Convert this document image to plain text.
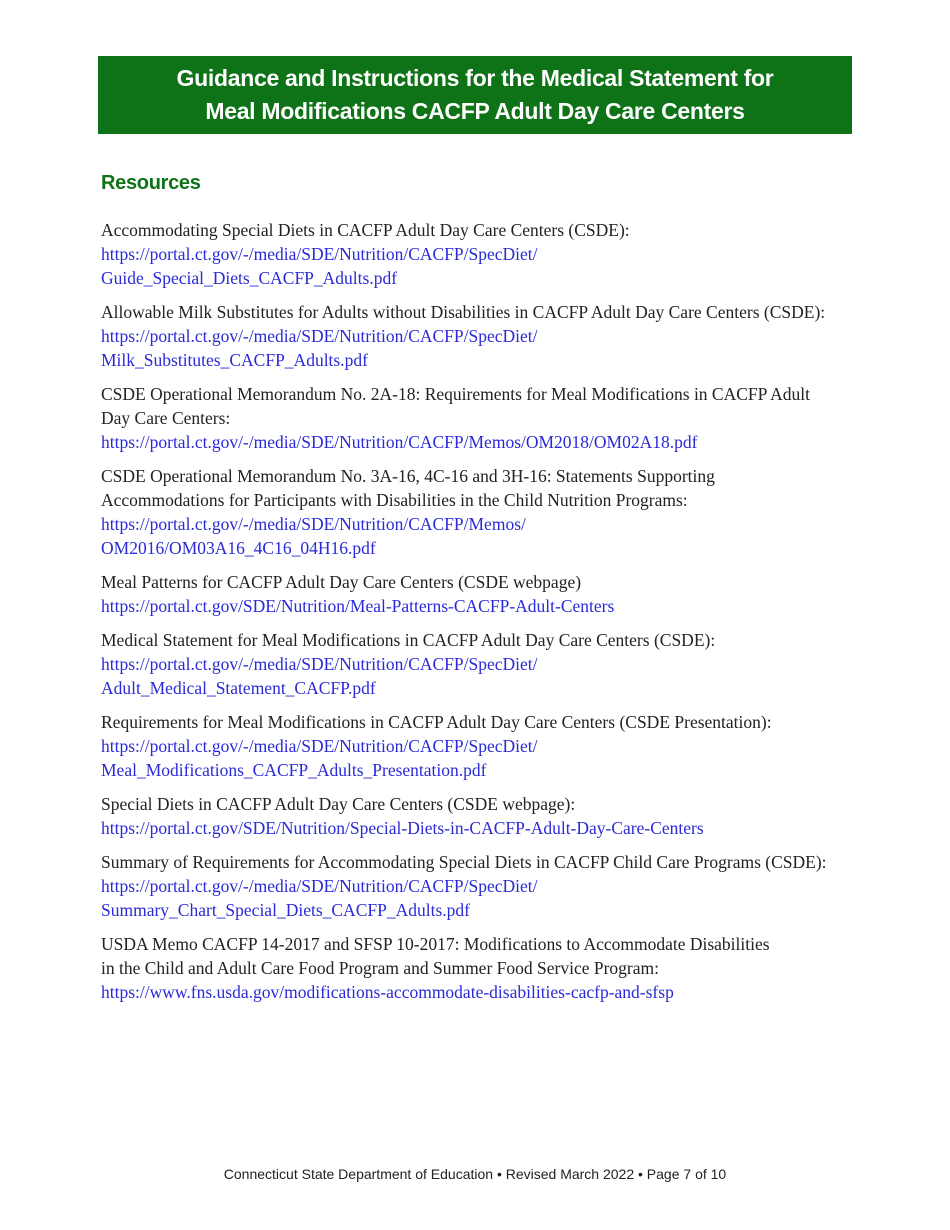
Guidance and Instructions for the Medical Statement for
Meal Modifications CACFP Adult Day Care Centers
Resources
Accommodating Special Diets in CACFP Adult Day Care Centers (CSDE):
https://portal.ct.gov/-/media/SDE/Nutrition/CACFP/SpecDiet/
Guide_Special_Diets_CACFP_Adults.pdf
Allowable Milk Substitutes for Adults without Disabilities in CACFP Adult Day Care Centers (CSDE):
https://portal.ct.gov/-/media/SDE/Nutrition/CACFP/SpecDiet/
Milk_Substitutes_CACFP_Adults.pdf
CSDE Operational Memorandum No. 2A-18: Requirements for Meal Modifications in CACFP Adult
Day Care Centers:
https://portal.ct.gov/-/media/SDE/Nutrition/CACFP/Memos/OM2018/OM02A18.pdf
CSDE Operational Memorandum No. 3A-16, 4C-16 and 3H-16: Statements Supporting
Accommodations for Participants with Disabilities in the Child Nutrition Programs:
https://portal.ct.gov/-/media/SDE/Nutrition/CACFP/Memos/
OM2016/OM03A16_4C16_04H16.pdf
Meal Patterns for CACFP Adult Day Care Centers (CSDE webpage)
https://portal.ct.gov/SDE/Nutrition/Meal-Patterns-CACFP-Adult-Centers
Medical Statement for Meal Modifications in CACFP Adult Day Care Centers (CSDE):
https://portal.ct.gov/-/media/SDE/Nutrition/CACFP/SpecDiet/
Adult_Medical_Statement_CACFP.pdf
Requirements for Meal Modifications in CACFP Adult Day Care Centers (CSDE Presentation):
https://portal.ct.gov/-/media/SDE/Nutrition/CACFP/SpecDiet/
Meal_Modifications_CACFP_Adults_Presentation.pdf
Special Diets in CACFP Adult Day Care Centers (CSDE webpage):
https://portal.ct.gov/SDE/Nutrition/Special-Diets-in-CACFP-Adult-Day-Care-Centers
Summary of Requirements for Accommodating Special Diets in CACFP Child Care Programs (CSDE):
https://portal.ct.gov/-/media/SDE/Nutrition/CACFP/SpecDiet/
Summary_Chart_Special_Diets_CACFP_Adults.pdf
USDA Memo CACFP 14-2017 and SFSP 10-2017: Modifications to Accommodate Disabilities
in the Child and Adult Care Food Program and Summer Food Service Program:
https://www.fns.usda.gov/modifications-accommodate-disabilities-cacfp-and-sfsp
Connecticut State Department of Education • Revised March 2022 • Page 7 of 10
